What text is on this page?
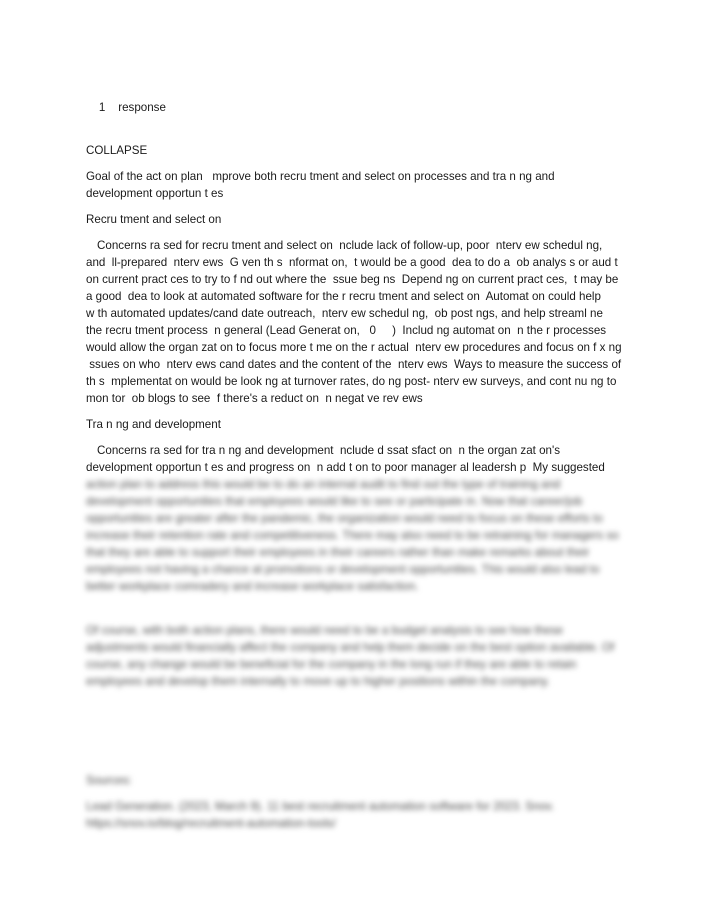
1 response

COLLAPSE
Goal of the act on plan   mprove both recru tment and select on processes and tra n ng and
development opportun t es
Recru tment and select on
Concerns ra sed for recru tment and select on  nclude lack of follow-up, poor  nterv ew schedul ng,
and  ll-prepared  nterv ews  G ven th s  nformat on,  t would be a good  dea to do a  ob analys s or aud t
on current pract ces to try to f nd out where the  ssue beg ns  Depend ng on current pract ces,  t may be
a good  dea to look at automated software for the r recru tment and select on  Automat on could help
w th automated updates/cand date outreach,  nterv ew schedul ng,  ob post ngs, and help streaml ne
the recru tment process  n general (Lead Generat on,   0     )  Includ ng automat on  n the r processes
would allow the organ zat on to focus more t me on the r actual  nterv ew procedures and focus on f x ng
ssues on who  nterv ews cand dates and the content of the  nterv ews  Ways to measure the success of
th s  mplementat on would be look ng at turnover rates, do ng post- nterv ew surveys, and cont nu ng to
mon tor  ob blogs to see  f there's a reduct on  n negat ve rev ews
Tra n ng and development
Concerns ra sed for tra n ng and development  nclude d ssat sfact on  n the organ zat on's
development opportun t es and progress on  n add t on to poor manager al leadersh p  My suggested
action plan to address this would be to do an internal audit to find out the type of training and
development opportunities that employees would like to see or participate in. Now that career/job
opportunities are greater after the pandemic, the organization would need to focus on these efforts to
increase their retention rate and competitiveness. There may also need to be retraining for managers so
that they are able to support their employees in their careers rather than make remarks about their
employees not having a chance at promotions or development opportunities. This would also lead to
better workplace comradery and increase workplace satisfaction.
Of course, with both action plans, there would need to be a budget analysis to see how these
adjustments would financially affect the company and help them decide on the best option available. Of
course, any change would be beneficial for the company in the long run if they are able to retain
employees and develop them internally to move up to higher positions within the company.
Sources:
Lead Generation. (2023, March 9). 11 best recruitment automation software for 2023. Snov.
https://snov.io/blog/recruitment-automation-tools/
